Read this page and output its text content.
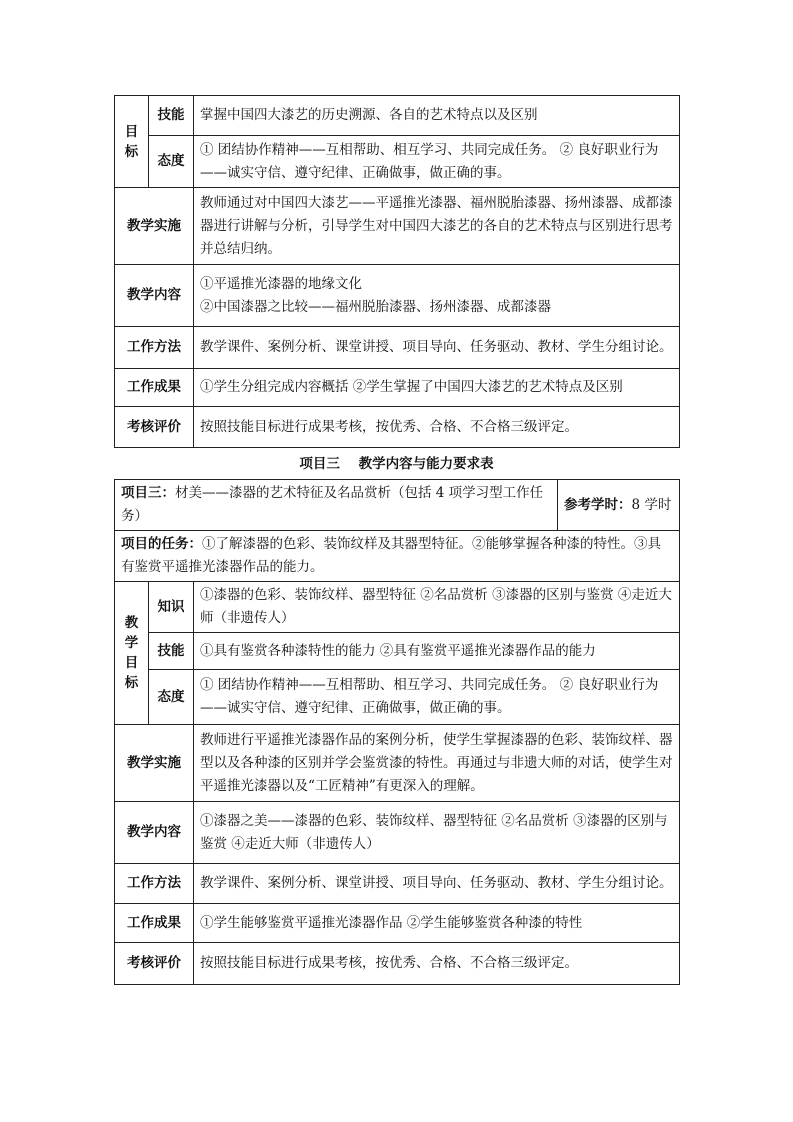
目
标	技能	掌握中国四大漆艺的历史溯源、各自的艺术特点以及区别
	态度	① 团结协作精神——互相帮助、相互学习、共同完成任务。 ② 良好职业行为——诚实守信、遵守纪律、正确做事，做正确的事。
教学实施		教师通过对中国四大漆艺——平遥推光漆器、福州脱胎漆器、扬州漆器、成都漆器进行讲解与分析，引导学生对中国四大漆艺的各自的艺术特点与区别进行思考并总结归纳。
教学内容		①平遥推光漆器的地缘文化
②中国漆器之比较——福州脱胎漆器、扬州漆器、成都漆器

工作方法		教学课件、案例分析、课堂讲授、项目导向、任务驱动、教材、学生分组讨论。
工作成果		①学生分组完成内容概括 ②学生掌握了中国四大漆艺的艺术特点及区别
考核评价		按照技能目标进行成果考核，按优秀、合格、不合格三级评定。
项目三 教学内容与能力要求表
项目三：材美——漆器的艺术特征及名品赏析（包括 4 项学习型工作任务）			参考学时：8 学时
项目的任务：①了解漆器的色彩、装饰纹样及其器型特征。②能够掌握各种漆的特性。③具有鉴赏平遥推光漆器作品的能力。			

教
学
目
标	知识	①漆器的色彩、装饰纹样、器型特征 ②名品赏析 ③漆器的区别与鉴赏 ④走近大师（非遗传人）	
	技能	①具有鉴赏各种漆特性的能力 ②具有鉴赏平遥推光漆器作品的能力	
	态度	① 团结协作精神——互相帮助、相互学习、共同完成任务。 ② 良好职业行为——诚实守信、遵守纪律、正确做事，做正确的事。	
教学实施		教师进行平遥推光漆器作品的案例分析，使学生掌握漆器的色彩、装饰纹样、器型以及各种漆的区别并学会鉴赏漆的特性。再通过与非遗大师的对话，使学生对平遥推光漆器以及“工匠精神”有更深入的理解。	
教学内容		①漆器之美——漆器的色彩、装饰纹样、器型特征 ②名品赏析 ③漆器的区别与鉴赏 ④走近大师（非遗传人）	
工作方法		教学课件、案例分析、课堂讲授、项目导向、任务驱动、教材、学生分组讨论。	
工作成果		①学生能够鉴赏平遥推光漆器作品 ②学生能够鉴赏各种漆的特性	
考核评价		按照技能目标进行成果考核，按优秀、合格、不合格三级评定。	
